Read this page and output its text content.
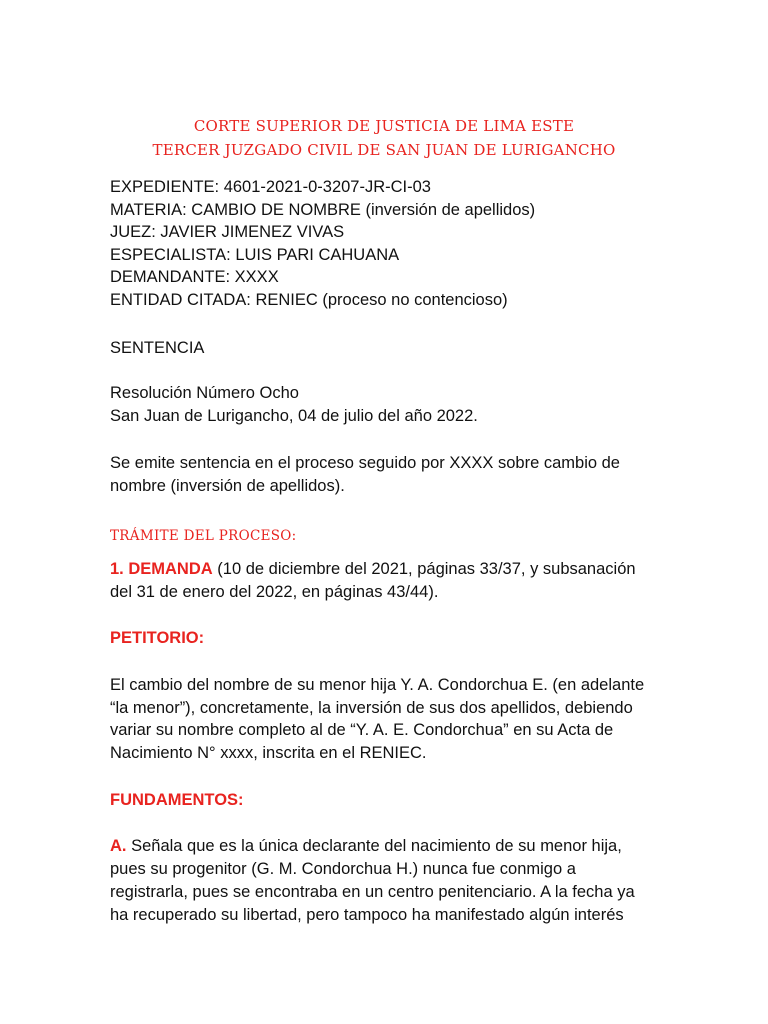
CORTE SUPERIOR DE JUSTICIA DE LIMA ESTE
TERCER JUZGADO CIVIL DE SAN JUAN DE LURIGANCHO
EXPEDIENTE: 4601-2021-0-3207-JR-CI-03
MATERIA: CAMBIO DE NOMBRE (inversión de apellidos)
JUEZ: JAVIER JIMENEZ VIVAS
ESPECIALISTA: LUIS PARI CAHUANA
DEMANDANTE: XXXX
ENTIDAD CITADA: RENIEC (proceso no contencioso)
SENTENCIA
Resolución Número Ocho
San Juan de Lurigancho, 04 de julio del año 2022.
Se emite sentencia en el proceso seguido por XXXX sobre cambio de
nombre (inversión de apellidos).
TRÁMITE DEL PROCESO:
1. DEMANDA (10 de diciembre del 2021, páginas 33/37, y subsanación
del 31 de enero del 2022, en páginas 43/44).
PETITORIO:
El cambio del nombre de su menor hija Y. A. Condorchua E. (en adelante
“la menor”), concretamente, la inversión de sus dos apellidos, debiendo
variar su nombre completo al de “Y. A. E. Condorchua” en su Acta de
Nacimiento N° xxxx, inscrita en el RENIEC.
FUNDAMENTOS:
A. Señala que es la única declarante del nacimiento de su menor hija,
pues su progenitor (G. M. Condorchua H.) nunca fue conmigo a
registrarla, pues se encontraba en un centro penitenciario. A la fecha ya
ha recuperado su libertad, pero tampoco ha manifestado algún interés
